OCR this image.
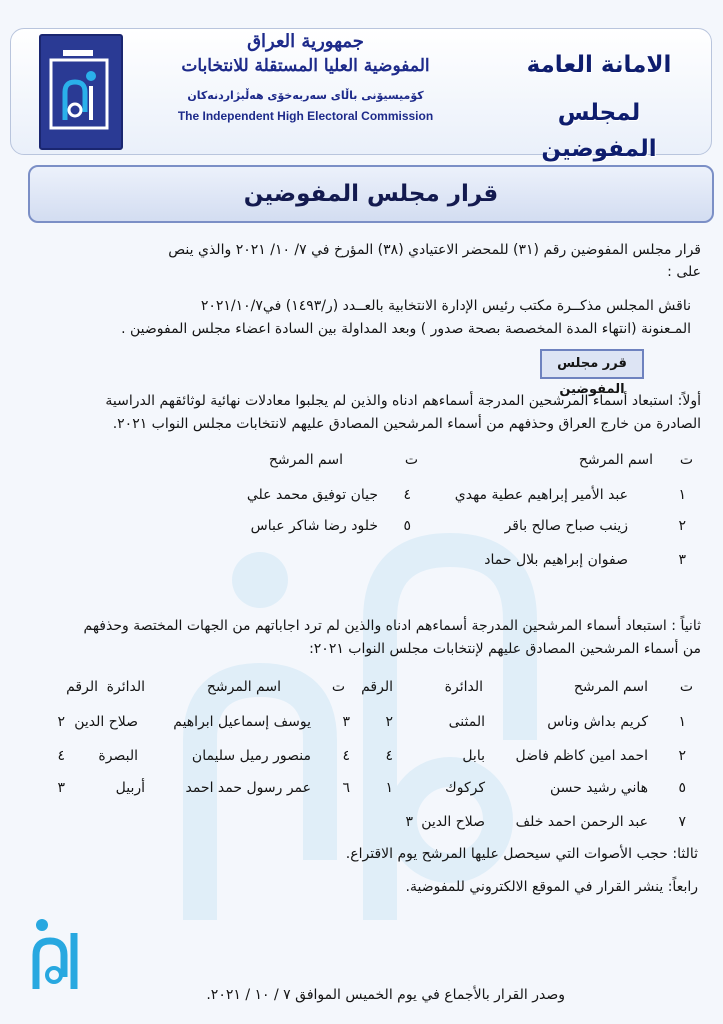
جمهورية العراق
المفوضية العليا المستقلة للانتخابات
كۆمیسیۆنی باڵای سەربەخۆی هەڵبژاردنەکان
The Independent High Electoral Commission
الامانة العامة
لمجلس المفوضين
قرار مجلس المفوضين
قرار مجلس المفوضين رقم (٣١) للمحضر الاعتيادي (٣٨) المؤرخ في ٧/ ١٠/ ٢٠٢١ والذي ينص
على :
ناقش المجلس مذكــرة مكتب رئيس الإدارة الانتخابية بالعــدد (ر/١٤٩٣) في٢٠٢١/١٠/٧
المـعنونة (انتهاء المدة المخصصة بصحة صدور ) وبعد المداولة بين السادة اعضاء مجلس المفوضين .
قرر مجلس المفوضين
أولاً: استبعاد أسماء المرشحين المدرجة أسماءهم ادناه والذين لم يجلبوا معادلات نهائية لوثائقهم الدراسية
الصادرة من خارج العراق وحذفهم من أسماء المرشحين المصادق عليهم لانتخابات مجلس النواب ٢٠٢١.
ت
اسم المرشح
ت
اسم المرشح
١
عبد الأمير إبراهيم عطية مهدي
٤
جيان توفيق محمد علي
٢
زينب صباح صالح باقر
٥
خلود رضا شاكر عباس
٣
صفوان إبراهيم بلال حماد
ثانياً : استبعاد أسماء المرشحين المدرجة أسماءهم ادناه والذين لم ترد اجاباتهم من الجهات المختصة وحذفهم
من أسماء المرشحين المصادق عليهم لإنتخابات مجلس النواب ٢٠٢١:
ت
اسم المرشح
الدائرة
الرقم
ت
اسم المرشح
الدائرة
الرقم
١
كريم بداش وناس
المثنى
٢
٣
يوسف إسماعيل ابراهيم
صلاح الدين
٢
٢
احمد امين كاظم فاضل
بابل
٤
٤
منصور رميل سليمان
البصرة
٤
٥
هاني رشيد حسن
كركوك
١
٦
عمر رسول حمد احمد
أربيل
٣
٧
عبد الرحمن احمد خلف
صلاح الدين
٣
ثالثا: حجب الأصوات التي سيحصل عليها المرشح يوم الاقتراع.
رابعاً: ينشر القرار في الموقع الالكتروني للمفوضية.
وصدر القرار بالأجماع في يوم الخميس الموافق ٧ / ١٠ / ٢٠٢١.
